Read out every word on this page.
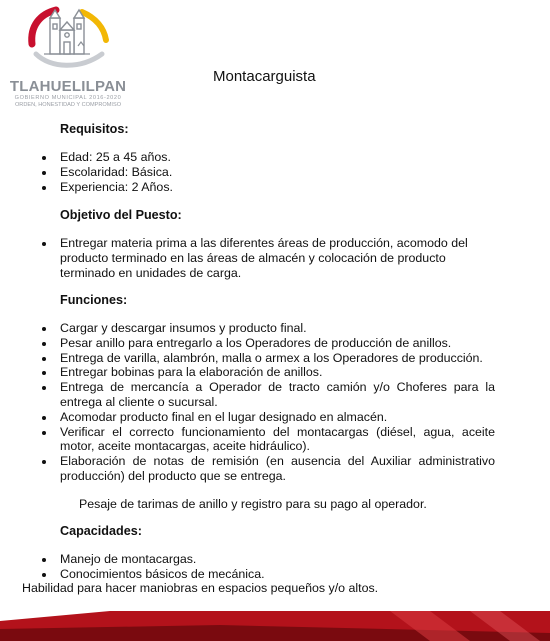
TLAHUELILPAN
GOBIERNO MUNICIPAL 2016-2020
ORDEN, HONESTIDAD Y COMPROMISO
Montacarguista
Requisitos:
Edad: 25 a 45 años.
Escolaridad: Básica.
Experiencia: 2 Años.
Objetivo del Puesto:
Entregar materia prima a las diferentes áreas de producción, acomodo del producto terminado en las áreas de almacén y colocación de producto terminado en unidades de carga.
Funciones:
Cargar y descargar insumos y producto final.
Pesar anillo para entregarlo a los Operadores de producción de anillos.
Entrega de varilla, alambrón, malla o armex a los Operadores de producción.
Entregar bobinas para la elaboración de anillos.
Entrega de mercancía a Operador de tracto camión y/o Choferes para la entrega al cliente o sucursal.
Acomodar producto final en el lugar designado en almacén.
Verificar el correcto funcionamiento del montacargas (diésel, agua, aceite motor, aceite montacargas, aceite hidráulico).
Elaboración de notas de remisión (en ausencia del Auxiliar administrativo producción) del producto que se entrega.
Pesaje de tarimas de anillo y registro para su pago al operador.
Capacidades:
Manejo de montacargas.
Conocimientos básicos de mecánica.
Habilidad para hacer maniobras en espacios pequeños y/o altos.
